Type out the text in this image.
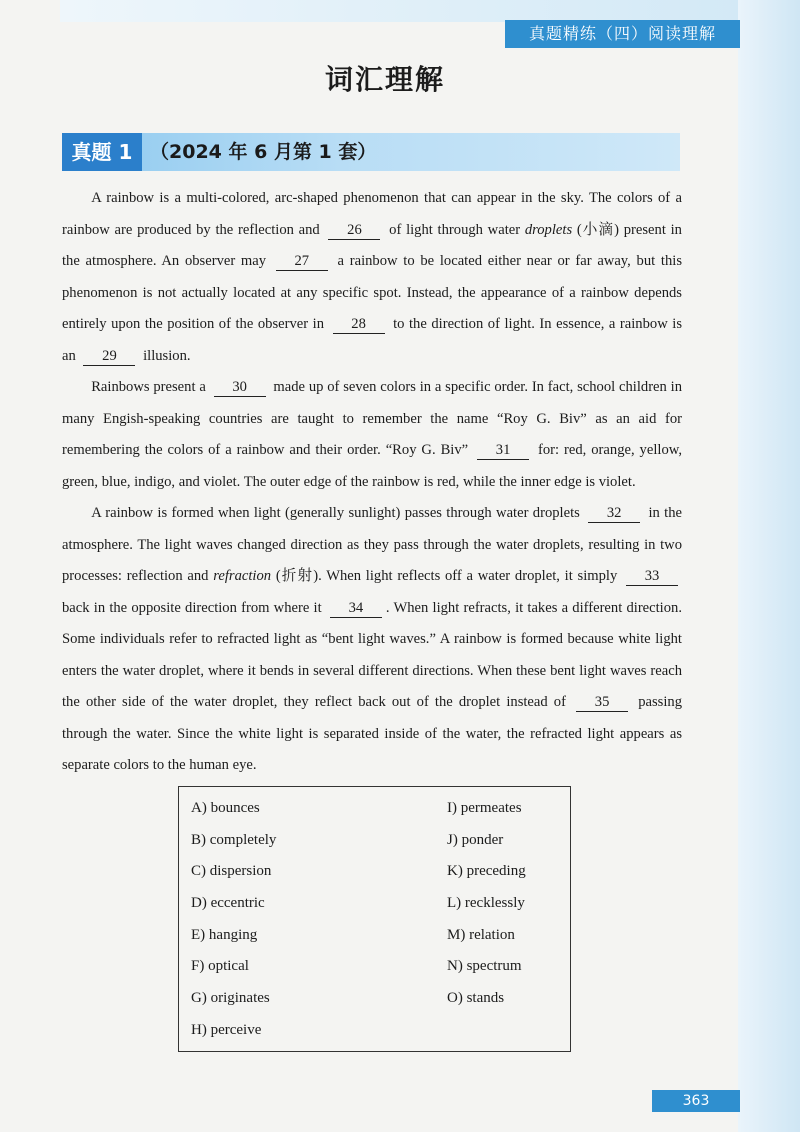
真题精练（四）阅读理解
词汇理解
真题 1 （2024 年 6 月第 1 套）

A rainbow is a multi-colored, arc-shaped phenomenon that can appear in the sky. The colors of a rainbow are produced by the reflection and 26 of light through water droplets (小滴) present in the atmosphere. An observer may 27 a rainbow to be located either near or far away, but this phenomenon is not actually located at any specific spot. Instead, the appearance of a rainbow depends entirely upon the position of the observer in 28 to the direction of light. In essence, a rainbow is an 29 illusion.

Rainbows present a 30 made up of seven colors in a specific order. In fact, school children in many Engish-speaking countries are taught to remember the name “Roy G. Biv” as an aid for remembering the colors of a rainbow and their order. “Roy G. Biv” 31 for: red, orange, yellow, green, blue, indigo, and violet. The outer edge of the rainbow is red, while the inner edge is violet.

A rainbow is formed when light (generally sunlight) passes through water droplets 32 in the atmosphere. The light waves changed direction as they pass through the water droplets, resulting in two processes: reflection and refraction (折射). When light reflects off a water droplet, it simply 33 back in the opposite direction from where it 34 . When light refracts, it takes a different direction. Some individuals refer to refracted light as “bent light waves.” A rainbow is formed because white light enters the water droplet, where it bends in several different directions. When these bent light waves reach the other side of the water droplet, they reflect back out of the droplet instead of 35 passing through the water. Since the white light is separated inside of the water, the refracted light appears as separate colors to the human eye.

A) bounces
B) completely
C) dispersion
D) eccentric
E) hanging
F) optical
G) originates
H) perceive
I) permeates
J) ponder
K) preceding
L) recklessly
M) relation
N) spectrum
O) stands
363
